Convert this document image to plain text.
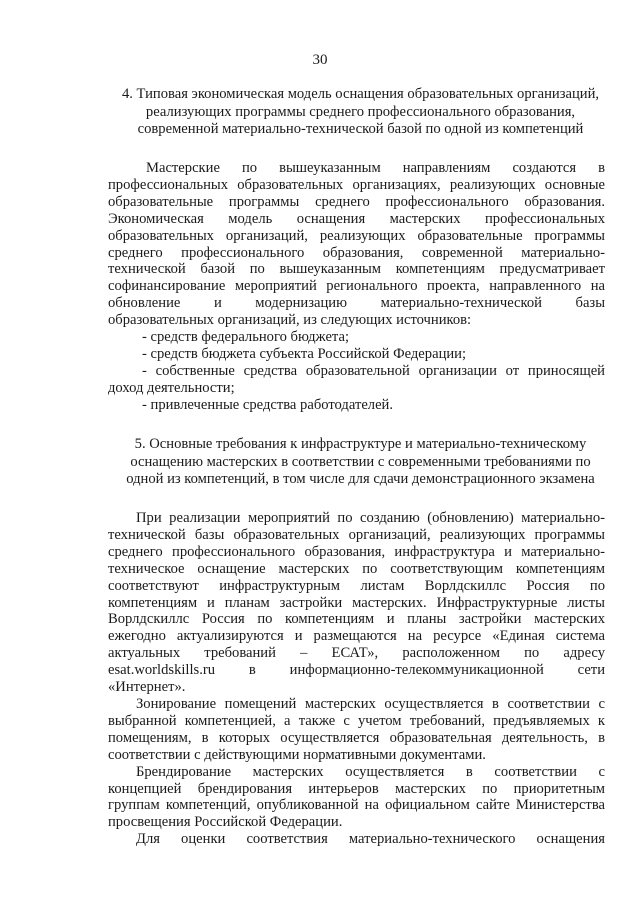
30
4. Типовая экономическая модель оснащения образовательных организаций,
реализующих программы среднего профессионального образования,
современной материально-технической базой по одной из компетенций
Мастерские по вышеуказанным направлениям создаются в
профессиональных образовательных организациях, реализующих основные
образовательные программы среднего профессионального образования.
Экономическая модель оснащения мастерских профессиональных
образовательных организаций, реализующих образовательные программы
среднего профессионального образования, современной материально-
технической базой по вышеуказанным компетенциям предусматривает
софинансирование мероприятий регионального проекта, направленного на
обновление и модернизацию материально-технической базы
образовательных организаций, из следующих источников:
- средств федерального бюджета;
- средств бюджета субъекта Российской Федерации;
- собственные средства образовательной организации от приносящей
доход деятельности;
- привлеченные средства работодателей.
5. Основные требования к инфраструктуре и материально-техническому
оснащению мастерских в соответствии с современными требованиями по
одной из компетенций, в том числе для сдачи демонстрационного экзамена
При реализации мероприятий по созданию (обновлению) материально-
технической базы образовательных организаций, реализующих программы
среднего профессионального образования, инфраструктура и материально-
техническое оснащение мастерских по соответствующим компетенциям
соответствуют инфраструктурным листам Ворлдскиллс Россия по
компетенциям и планам застройки мастерских. Инфраструктурные листы
Ворлдскиллс Россия по компетенциям и планы застройки мастерских
ежегодно актуализируются и размещаются на ресурсе «Единая система
актуальных требований – ЕСАТ», расположенном по адресу
esat.worldskills.ru в информационно-телекоммуникационной сети
«Интернет».
Зонирование помещений мастерских осуществляется в соответствии с
выбранной компетенцией, а также с учетом требований, предъявляемых к
помещениям, в которых осуществляется образовательная деятельность, в
соответствии с действующими нормативными документами.
Брендирование мастерских осуществляется в соответствии с
концепцией брендирования интерьеров мастерских по приоритетным
группам компетенций, опубликованной на официальном сайте Министерства
просвещения Российской Федерации.
Для оценки соответствия материально-технического оснащения
